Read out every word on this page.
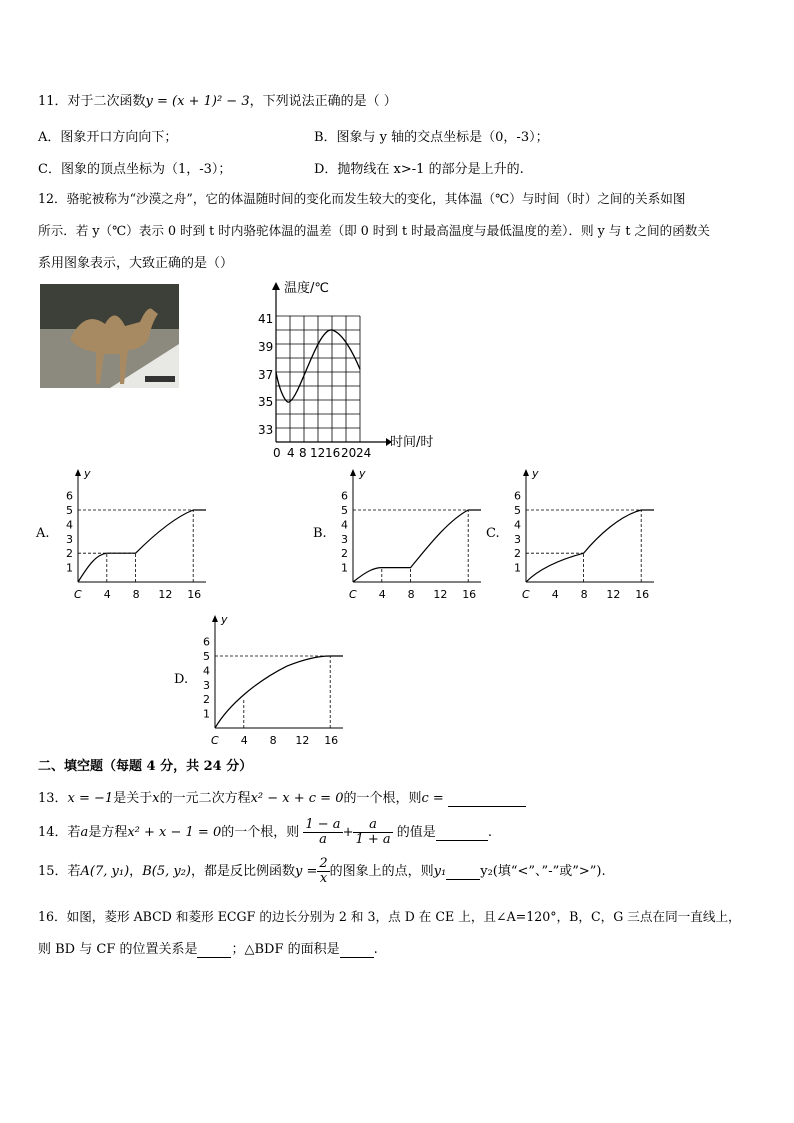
11．对于二次函数y = (x + 1)² − 3，下列说法正确的是（ ）
A．图象开口方向向下；	B．图象与 y 轴的交点坐标是（0，-3）；
C．图象的顶点坐标为（1，-3）；	D．抛物线在 x>-1 的部分是上升的.
12．骆驼被称为“沙漠之舟”，它的体温随时间的变化而发生较大的变化，其体温（℃）与时间（时）之间的关系如图
所示．若 y（℃）表示 0 时到 t 时内骆驼体温的温差（即 0 时到 t 时最高温度与最低温度的差）．则 y 与 t 之间的函数关
系用图象表示，大致正确的是（）
温度/℃
时间/时
41
39
37
35
33
0 4 8 12 16 20 24
A.
y
6
5
4
3
2
1
C 4 8 12 16
B.
y
6
5
4
3
2
1
C 4 8 12 16
C.
y
6
5
4
3
2
1
C 4 8 12 16
D.
y
6
5
4
3
2
1
C 4 8 12 16
二、填空题（每题 4 分，共 24 分）
13．x = −1是关于x的一元二次方程x² − x + c = 0的一个根，则c =
14．若a是方程x² + x − 1 = 0的一个根，则 $\frac{1 - a}{a} + \frac{a}{1 + a}$ 的值是	.
15．若A(7, y₁)，B(5, y₂)，都是反比例函数$y = \frac{2}{x}$ 的图象上的点，则y₁	y₂(填“<”、”-”或”>”).
16．如图，菱形 ABCD 和菱形 ECGF 的边长分别为 2 和 3，点 D 在 CE 上，且∠A=120°，B，C，G 三点在同一直线上，
则 BD 与 CF 的位置关系是	；△BDF 的面积是	.
